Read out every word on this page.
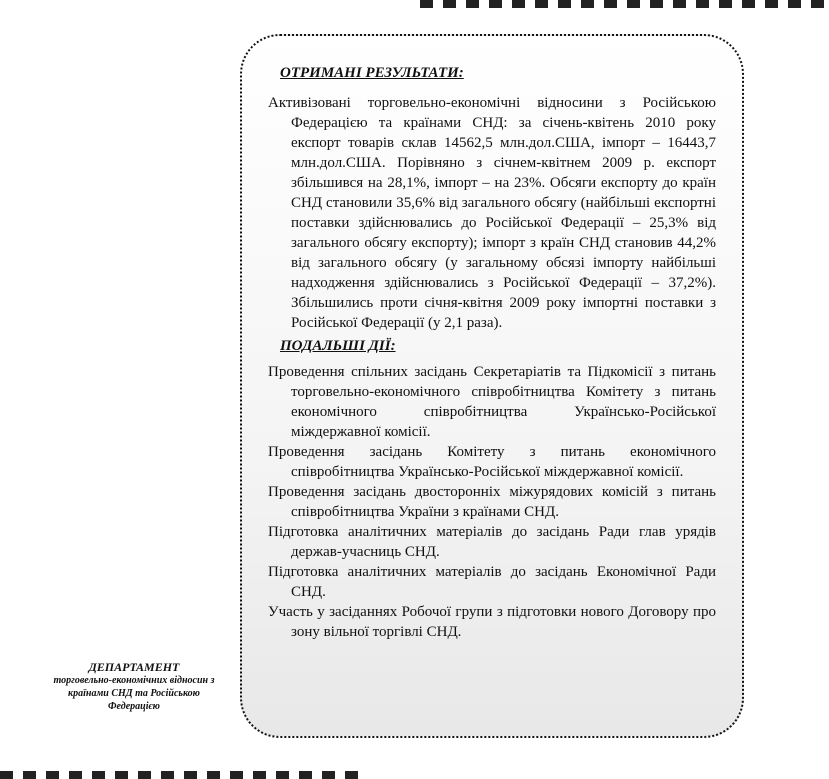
ОТРИМАНІ РЕЗУЛЬТАТИ:
Активізовані торговельно-економічні відносини з Російською Федерацією та країнами СНД: за січень-квітень 2010 року експорт товарів склав 14562,5 млн.дол.США, імпорт – 16443,7 млн.дол.США. Порівняно з січнем-квітнем 2009 р. експорт збільшився на 28,1%, імпорт – на 23%. Обсяги експорту до країн СНД становили 35,6% від загального обсягу (найбільші експортні поставки здійснювались до Російської Федерації – 25,3% від загального обсягу експорту); імпорт з країн СНД становив 44,2% від загального обсягу (у загальному обсязі імпорту найбільші надходження здійснювались з Російської Федерації – 37,2%). Збільшились проти січня-квітня 2009 року імпортні поставки з Російської Федерації (у 2,1 раза).
ПОДАЛЬШІ ДІЇ:
Проведення спільних засідань Секретаріатів та Підкомісії з питань торговельно-економічного співробітництва Комітету з питань економічного співробітництва Українсько-Російської міждержавної комісії.
Проведення засідань Комітету з питань економічного співробітництва Українсько-Російської міждержавної комісії.
Проведення засідань двосторонніх міжурядових комісій з питань співробітництва України з країнами СНД.
Підготовка аналітичних матеріалів до засідань Ради глав урядів держав-учасниць СНД.
Підготовка аналітичних матеріалів до засідань Економічної Ради СНД.
Участь у засіданнях Робочої групи з підготовки нового Договору про зону вільної торгівлі СНД.
ДЕПАРТАМЕНТ
торговельно-економічних відносин з країнами СНД та Російською Федерацією
